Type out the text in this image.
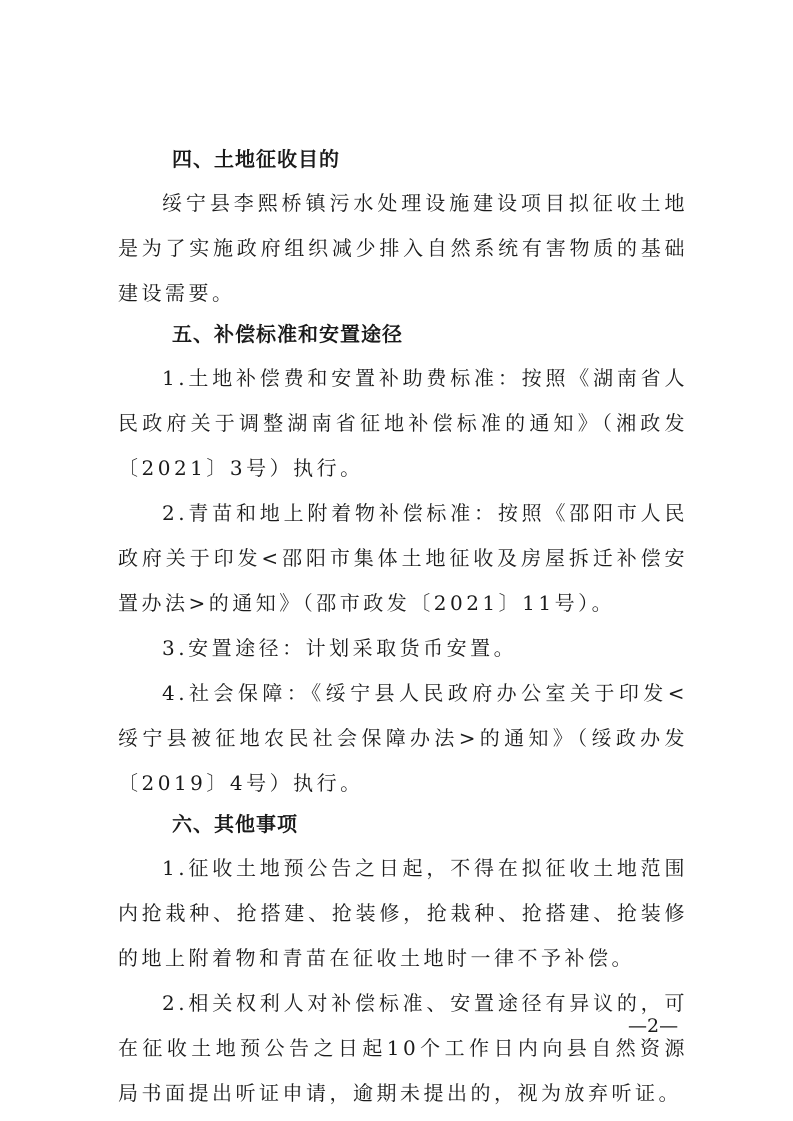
四、土地征收目的

绥宁县李熙桥镇污水处理设施建设项目拟征收土地是为了实施政府组织减少排入自然系统有害物质的基础建设需要。

五、补偿标准和安置途径

1.土地补偿费和安置补助费标准：按照《湖南省人民政府关于调整湖南省征地补偿标准的通知》（湘政发〔2021〕3号）执行。

2.青苗和地上附着物补偿标准：按照《邵阳市人民政府关于印发<邵阳市集体土地征收及房屋拆迁补偿安置办法>的通知》（邵市政发〔2021〕11号）。

3.安置途径：计划采取货币安置。

4.社会保障：《绥宁县人民政府办公室关于印发<绥宁县被征地农民社会保障办法>的通知》（绥政办发〔2019〕4号）执行。

六、其他事项

1.征收土地预公告之日起，不得在拟征收土地范围内抢栽种、抢搭建、抢装修，抢栽种、抢搭建、抢装修的地上附着物和青苗在征收土地时一律不予补偿。

2.相关权利人对补偿标准、安置途径有异议的，可在征收土地预公告之日起10个工作日内向县自然资源局书面提出听证申请，逾期未提出的，视为放弃听证。

—2—
